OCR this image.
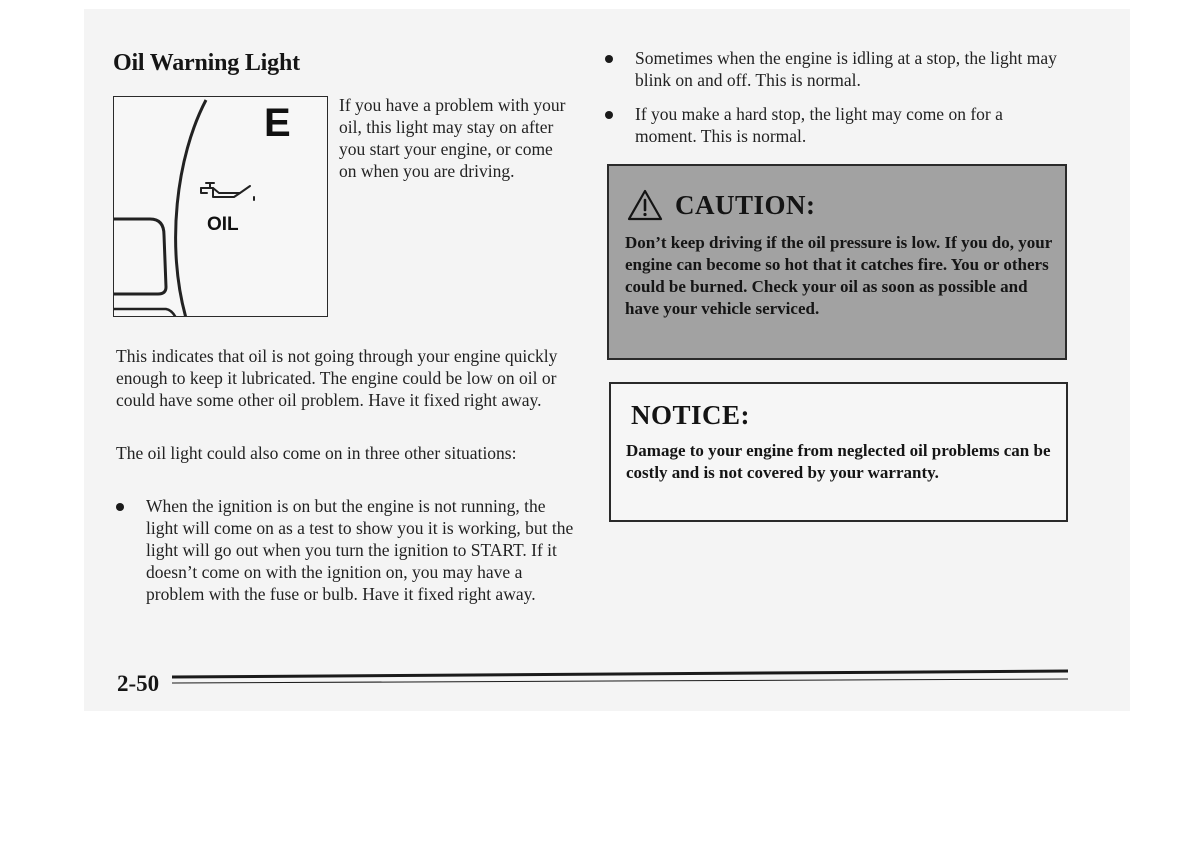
Oil Warning Light
E
OIL
If you have a problem with your oil, this light may stay on after you start your engine, or come on when you are driving.
This indicates that oil is not going through your engine quickly enough to keep it lubricated. The engine could be low on oil or could have some other oil problem. Have it fixed right away.
The oil light could also come on in three other situations:
When the ignition is on but the engine is not running, the light will come on as a test to show you it is working, but the light will go out when you turn the ignition to START. If it doesn’t come on with the ignition on, you may have a problem with the fuse or bulb. Have it fixed right away.
Sometimes when the engine is idling at a stop, the light may blink on and off. This is normal.
If you make a hard stop, the light may come on for a moment. This is normal.
CAUTION:
Don’t keep driving if the oil pressure is low. If you do, your engine can become so hot that it catches fire. You or others could be burned. Check your oil as soon as possible and have your vehicle serviced.
NOTICE:
Damage to your engine from neglected oil problems can be costly and is not covered by your warranty.
2-50
